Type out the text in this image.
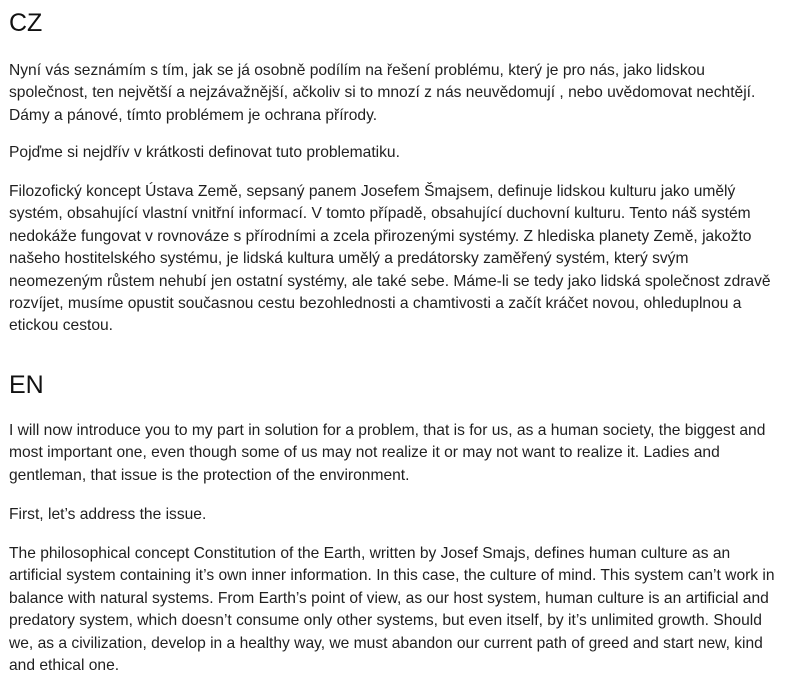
CZ

Nyní vás seznámím s tím, jak se já osobně podílím na řešení problému, který je pro nás, jako lidskou společnost, ten největší a nejzávažnější, ačkoliv si to mnozí z nás neuvědomují , nebo uvědomovat nechtějí. Dámy a pánové, tímto problémem je ochrana přírody.

Pojďme si nejdřív v krátkosti definovat tuto problematiku.

Filozofický koncept Ústava Země, sepsaný panem Josefem Šmajsem, definuje lidskou kulturu jako umělý systém, obsahující vlastní vnitřní informací. V tomto případě, obsahující duchovní kulturu. Tento náš systém nedokáže fungovat v rovnováze s přírodními a zcela přirozenými systémy. Z hlediska planety Země, jakožto našeho hostitelského systému, je lidská kultura umělý a predátorsky zaměřený systém, který svým neomezeným růstem nehubí jen ostatní systémy, ale také sebe. Máme-li se tedy jako lidská společnost zdravě rozvíjet, musíme opustit současnou cestu bezohlednosti a chamtivosti a začít kráčet novou, ohleduplnou a etickou cestou.

EN

I will now introduce you to my part in solution for a problem, that is for us, as a human society, the biggest and most important one, even though some of us may not realize it or may not want to realize it. Ladies and gentleman, that issue is the protection of the environment.

First, let’s address the issue.

The philosophical concept Constitution of the Earth, written by Josef Smajs, defines human culture as an artificial system containing it’s own inner information. In this case, the culture of mind. This system can’t work in balance with natural systems. From Earth’s point of view, as our host system, human culture is an artificial and predatory system, which doesn’t consume only other systems, but even itself, by it’s unlimited growth. Should we, as a civilization, develop in a healthy way, we must abandon our current path of greed and start new, kind and ethical one.
